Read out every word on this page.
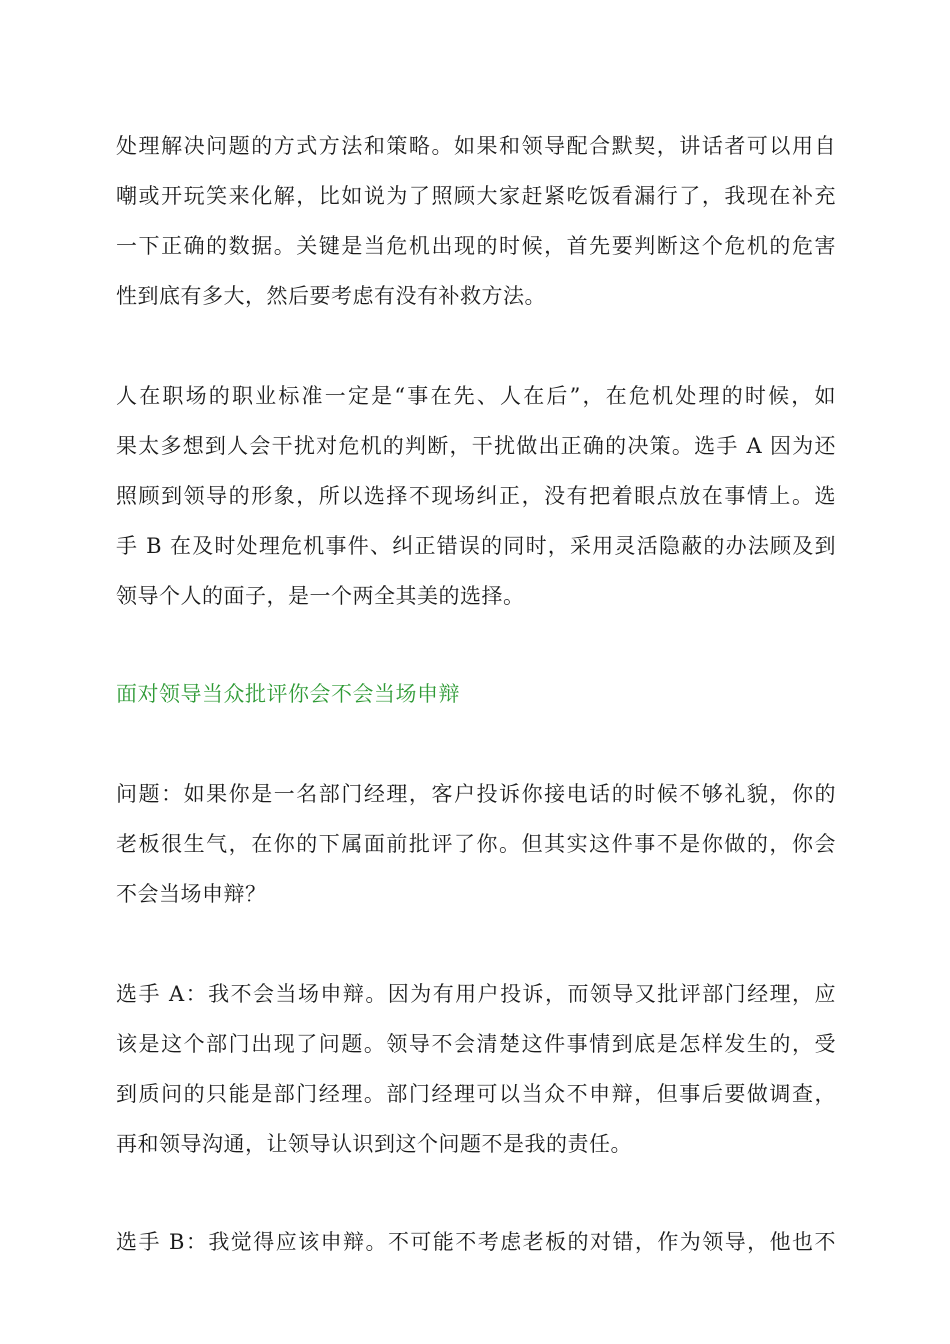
处理解决问题的方式方法和策略。如果和领导配合默契，讲话者可以用自
嘲或开玩笑来化解，比如说为了照顾大家赶紧吃饭看漏行了，我现在补充
一下正确的数据。关键是当危机出现的时候，首先要判断这个危机的危害
性到底有多大，然后要考虑有没有补救方法。

人在职场的职业标准一定是“事在先、人在后”，在危机处理的时候，如
果太多想到人会干扰对危机的判断，干扰做出正确的决策。选手 A 因为还
照顾到领导的形象，所以选择不现场纠正，没有把着眼点放在事情上。选
手 B 在及时处理危机事件、纠正错误的同时，采用灵活隐蔽的办法顾及到
领导个人的面子，是一个两全其美的选择。

面对领导当众批评你会不会当场申辩

问题：如果你是一名部门经理，客户投诉你接电话的时候不够礼貌，你的
老板很生气，在你的下属面前批评了你。但其实这件事不是你做的，你会
不会当场申辩？

选手 A：我不会当场申辩。因为有用户投诉，而领导又批评部门经理，应
该是这个部门出现了问题。领导不会清楚这件事情到底是怎样发生的，受
到质问的只能是部门经理。部门经理可以当众不申辩，但事后要做调查，
再和领导沟通，让领导认识到这个问题不是我的责任。

选手 B：我觉得应该申辩。不可能不考虑老板的对错，作为领导，他也不
